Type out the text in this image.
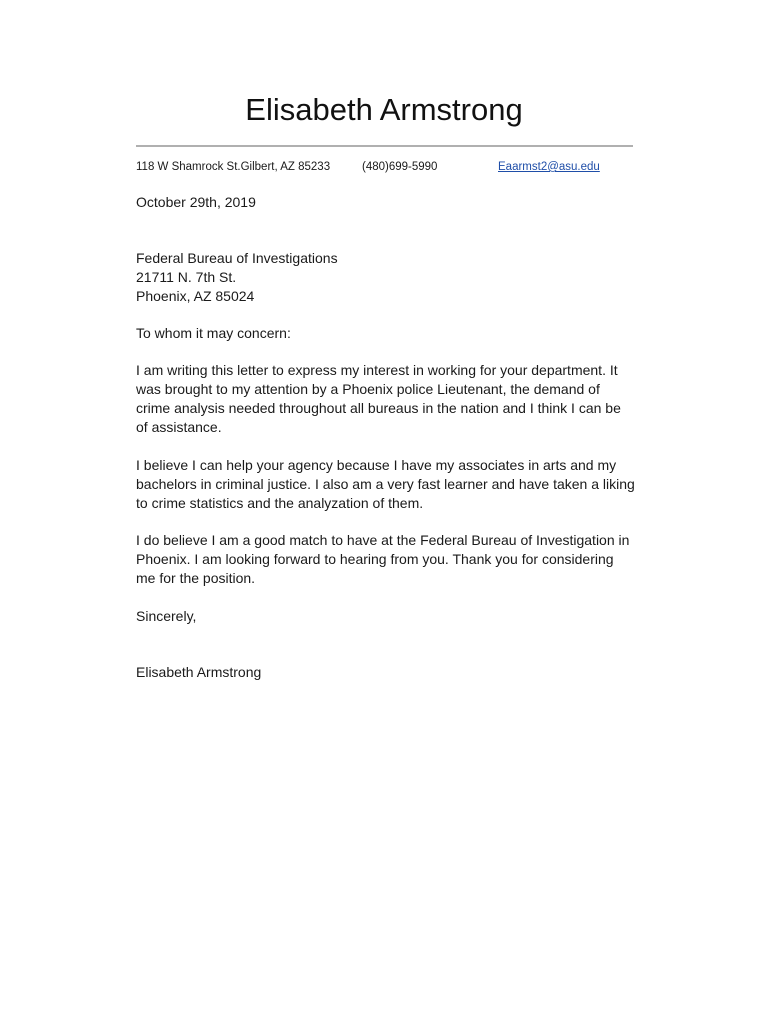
Elisabeth Armstrong
118 W Shamrock St.Gilbert, AZ 85233	(480)699-5990	Eaarmst2@asu.edu
October 29th, 2019

Federal Bureau of Investigations

21711 N. 7th St.

Phoenix, AZ 85024

To whom it may concern:
I am writing this letter to express my interest in working for your department. It was brought to my attention by a Phoenix police Lieutenant, the demand of crime analysis needed throughout all bureaus in the nation and I think I can be of assistance.
I believe I can help your agency because I have my associates in arts and my bachelors in criminal justice. I also am a very fast learner and have taken a liking to crime statistics and the analyzation of them.
I do believe I am a good match to have at the Federal Bureau of Investigation in Phoenix. I am looking forward to hearing from you. Thank you for considering me for the position.
Sincerely,
Elisabeth Armstrong
